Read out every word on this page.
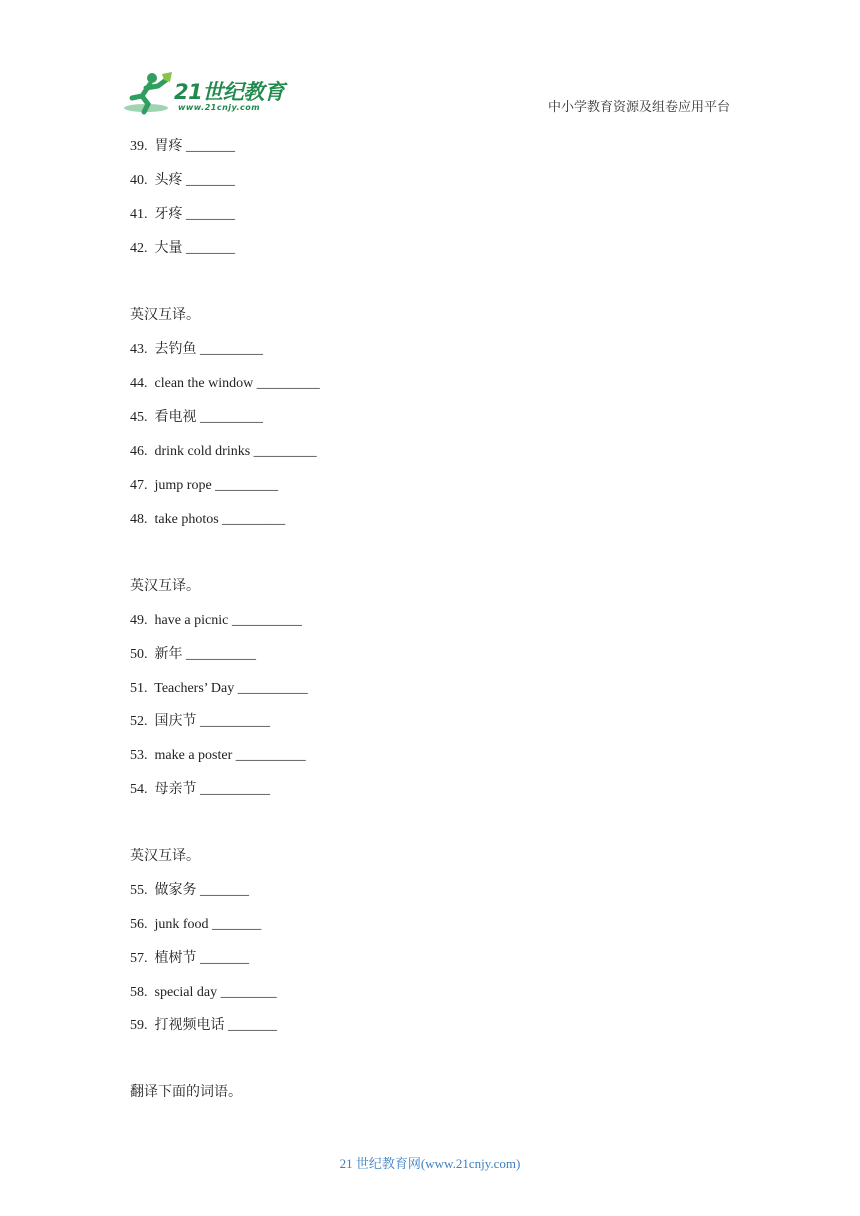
21世纪教育
www.21cnjy.com	中小学教育资源及组卷应用平台
39. 胃疼 _______
40. 头疼 _______
41. 牙疼 _______
42. 大量 _______
英汉互译。
43. 去钓鱼 _________
44. clean the window _________
45. 看电视 _________
46. drink cold drinks _________
47. jump rope _________
48. take photos _________
英汉互译。
49. have a picnic __________
50. 新年 __________
51. Teachers’ Day __________
52. 国庆节 __________
53. make a poster __________
54. 母亲节 __________
英汉互译。
55. 做家务 _______
56. junk food _______
57. 植树节 _______
58. special day ________
59. 打视频电话 _______
翻译下面的词语。
21 世纪教育网(www.21cnjy.com)
